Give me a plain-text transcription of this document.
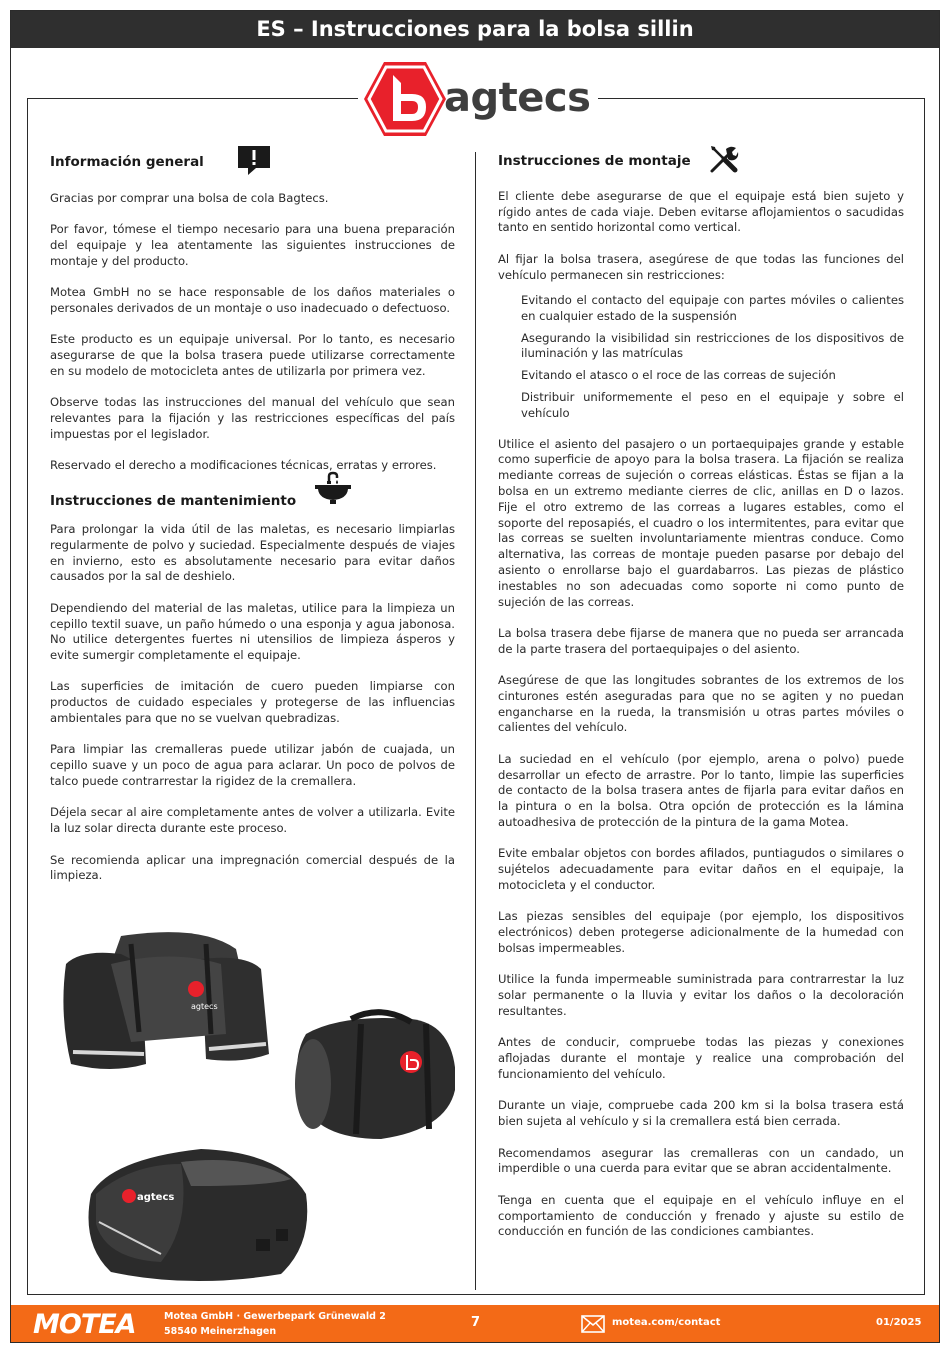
ES – Instrucciones para la bolsa sillin
agtecs
Información general

Gracias por comprar una bolsa de cola Bagtecs.

Por favor, tómese el tiempo necesario para una buena preparación del equipaje y lea atentamente las siguientes instrucciones de montaje y del producto.

Motea GmbH no se hace responsable de los daños materiales o personales derivados de un montaje o uso inadecuado o defectuoso.

Este producto es un equipaje universal. Por lo tanto, es necesario asegurarse de que la bolsa trasera puede utilizarse correctamente en su modelo de motocicleta antes de utilizarla por primera vez.

Observe todas las instrucciones del manual del vehículo que sean relevantes para la fijación y las restricciones específicas del país impuestas por el legislador.

Reservado el derecho a modificaciones técnicas, erratas y errores.

Instrucciones de mantenimiento

Para prolongar la vida útil de las maletas, es necesario limpiarlas regularmente de polvo y suciedad. Especialmente después de viajes en invierno, esto es absolutamente necesario para evitar daños causados por la sal de deshielo.

Dependiendo del material de las maletas, utilice para la limpieza un cepillo textil suave, un paño húmedo o una esponja y agua jabonosa. No utilice detergentes fuertes ni utensilios de limpieza ásperos y evite sumergir completamente el equipaje.

Las superficies de imitación de cuero pueden limpiarse con productos de cuidado especiales y protegerse de las influencias ambientales para que no se vuelvan quebradizas.

Para limpiar las cremalleras puede utilizar jabón de cuajada, un cepillo suave y un poco de agua para aclarar. Un poco de polvos de talco puede contrarrestar la rigidez de la cremallera.

Déjela secar al aire completamente antes de volver a utilizarla. Evite la luz solar directa durante este proceso.

Se recomienda aplicar una impregnación comercial después de la limpieza.

agtecs
agtecs
Instrucciones de montaje

El cliente debe asegurarse de que el equipaje está bien sujeto y rígido antes de cada viaje. Deben evitarse aflojamientos o sacudidas tanto en sentido horizontal como vertical.

Al fijar la bolsa trasera, asegúrese de que todas las funciones del vehículo permanecen sin restricciones:

Evitando el contacto del equipaje con partes móviles o calientes en cualquier estado de la suspensión
Asegurando la visibilidad sin restricciones de los dispositivos de iluminación y las matrículas
Evitando el atasco o el roce de las correas de sujeción
Distribuir uniformemente el peso en el equipaje y sobre el vehículo

Utilice el asiento del pasajero o un portaequipajes grande y estable como superficie de apoyo para la bolsa trasera. La fijación se realiza mediante correas de sujeción o correas elásticas. Éstas se fijan a la bolsa en un extremo mediante cierres de clic, anillas en D o lazos. Fije el otro extremo de las correas a lugares estables, como el soporte del reposapiés, el cuadro o los intermitentes, para evitar que las correas se suelten involuntariamente mientras conduce. Como alternativa, las correas de montaje pueden pasarse por debajo del asiento o enrollarse bajo el guardabarros. Las piezas de plástico inestables no son adecuadas como soporte ni como punto de sujeción de las correas.

La bolsa trasera debe fijarse de manera que no pueda ser arrancada de la parte trasera del portaequipajes o del asiento.

Asegúrese de que las longitudes sobrantes de los extremos de los cinturones estén aseguradas para que no se agiten y no puedan engancharse en la rueda, la transmisión u otras partes móviles o calientes del vehículo.

La suciedad en el vehículo (por ejemplo, arena o polvo) puede desarrollar un efecto de arrastre. Por lo tanto, limpie las superficies de contacto de la bolsa trasera antes de fijarla para evitar daños en la pintura o en la bolsa. Otra opción de protección es la lámina autoadhesiva de protección de la pintura de la gama Motea.

Evite embalar objetos con bordes afilados, puntiagudos o similares o sujételos adecuadamente para evitar daños en el equipaje, la motocicleta y el conductor.

Las piezas sensibles del equipaje (por ejemplo, los dispositivos electrónicos) deben protegerse adicionalmente de la humedad con bolsas impermeables.

Utilice la funda impermeable suministrada para contrarrestar la luz solar permanente o la lluvia y evitar los daños o la decoloración resultantes.

Antes de conducir, compruebe todas las piezas y conexiones aflojadas durante el montaje y realice una comprobación del funcionamiento del vehículo.

Durante un viaje, compruebe cada 200 km si la bolsa trasera está bien sujeta al vehículo y si la cremallera está bien cerrada.

Recomendamos asegurar las cremalleras con un candado, un imperdible o una cuerda para evitar que se abran accidentalmente.

Tenga en cuenta que el equipaje en el vehículo influye en el comportamiento de conducción y frenado y ajuste su estilo de conducción en función de las condiciones cambiantes.

MOTEA	Motea GmbH · Gewerbepark Grünewald 2
58540 Meinerzhagen
7	motea.com/contact	01/2025
